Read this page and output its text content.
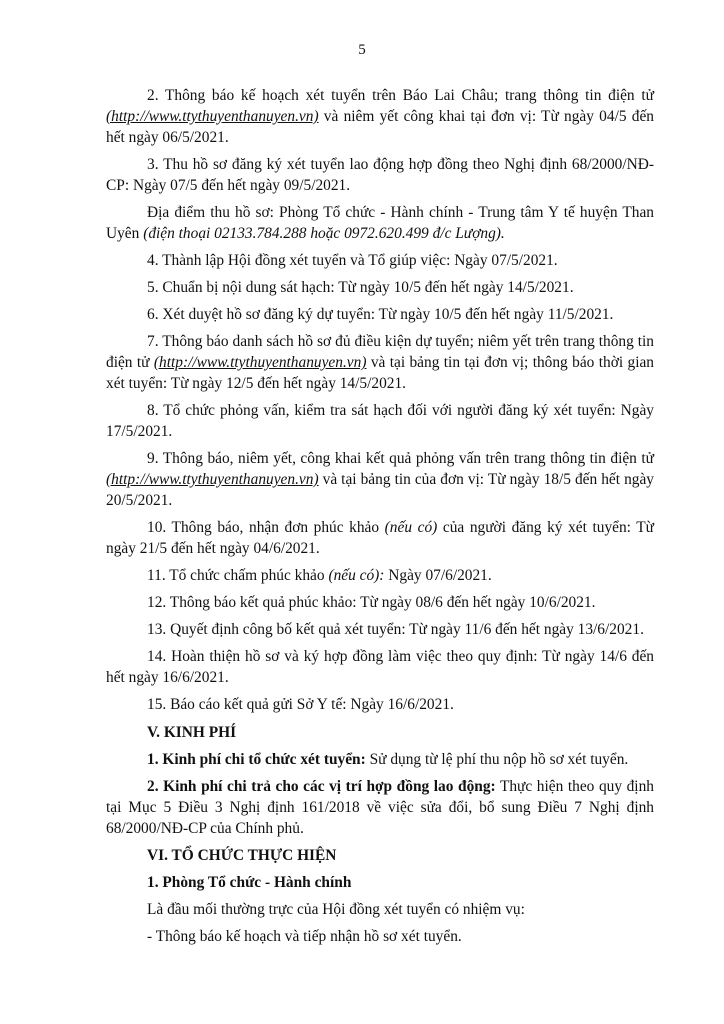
5

2. Thông báo kế hoạch xét tuyển trên Báo Lai Châu; trang thông tin điện tử (http://www.ttythuyenthanuyen.vn) và niêm yết công khai tại đơn vị: Từ ngày 04/5 đến hết ngày 06/5/2021.

3. Thu hồ sơ đăng ký xét tuyển lao động hợp đồng theo Nghị định 68/2000/NĐ-CP: Ngày 07/5 đến hết ngày 09/5/2021.

Địa điểm thu hồ sơ: Phòng Tổ chức - Hành chính - Trung tâm Y tế huyện Than Uyên (điện thoại 02133.784.288 hoặc 0972.620.499 đ/c Lượng).

4. Thành lập Hội đồng xét tuyển và Tổ giúp việc: Ngày 07/5/2021.

5. Chuẩn bị nội dung sát hạch: Từ ngày 10/5 đến hết ngày 14/5/2021.

6. Xét duyệt hồ sơ đăng ký dự tuyển: Từ ngày 10/5 đến hết ngày 11/5/2021.

7. Thông báo danh sách hồ sơ đủ điều kiện dự tuyển; niêm yết trên trang thông tin điện tử (http://www.ttythuyenthanuyen.vn) và tại bảng tin tại đơn vị; thông báo thời gian xét tuyển: Từ ngày 12/5 đến hết ngày 14/5/2021.

8. Tổ chức phỏng vấn, kiểm tra sát hạch đối với người đăng ký xét tuyển: Ngày 17/5/2021.

9. Thông báo, niêm yết, công khai kết quả phỏng vấn trên trang thông tin điện tử (http://www.ttythuyenthanuyen.vn) và tại bảng tin của đơn vị: Từ ngày 18/5 đến hết ngày 20/5/2021.

10. Thông báo, nhận đơn phúc khảo (nếu có) của người đăng ký xét tuyển: Từ ngày 21/5 đến hết ngày 04/6/2021.

11. Tổ chức chấm phúc khảo (nếu có): Ngày 07/6/2021.

12. Thông báo kết quả phúc khảo: Từ ngày 08/6 đến hết ngày 10/6/2021.

13. Quyết định công bố kết quả xét tuyển: Từ ngày 11/6 đến hết ngày 13/6/2021.

14. Hoàn thiện hồ sơ và ký hợp đồng làm việc theo quy định: Từ ngày 14/6 đến hết ngày 16/6/2021.

15. Báo cáo kết quả gửi Sở Y tế: Ngày 16/6/2021.

V. KINH PHÍ

1. Kinh phí chi tổ chức xét tuyển: Sử dụng từ lệ phí thu nộp hồ sơ xét tuyển.

2. Kinh phí chi trả cho các vị trí hợp đồng lao động: Thực hiện theo quy định tại Mục 5 Điều 3 Nghị định 161/2018 về việc sửa đổi, bổ sung Điều 7 Nghị định 68/2000/NĐ-CP của Chính phủ.

VI. TỔ CHỨC THỰC HIỆN

1. Phòng Tổ chức - Hành chính

Là đầu mối thường trực của Hội đồng xét tuyển có nhiệm vụ:

- Thông báo kế hoạch và tiếp nhận hồ sơ xét tuyển.
